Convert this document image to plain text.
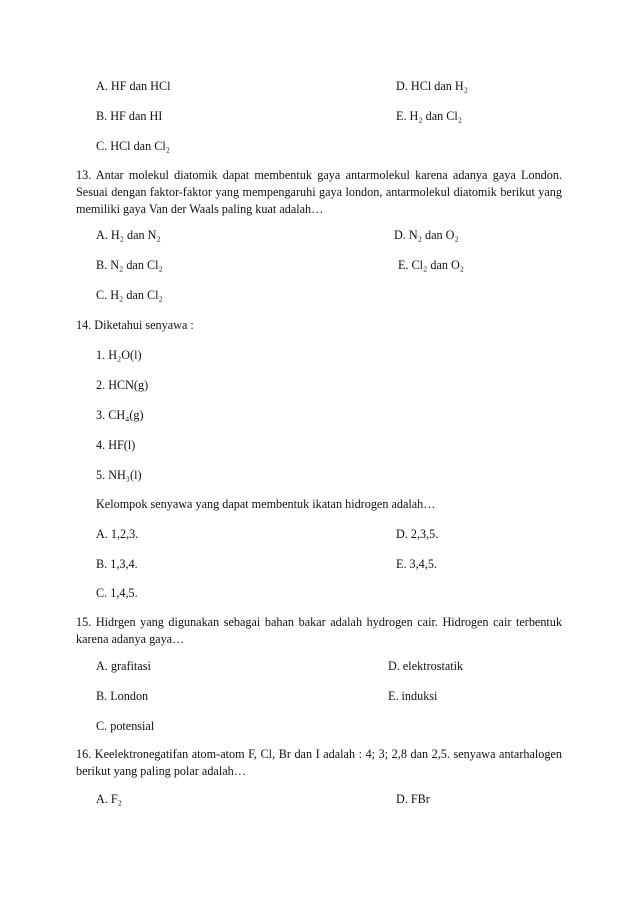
A. HF dan HCl	D. HCl dan H₂
B. HF dan HI	E. H₂ dan Cl₂
C. HCl dan Cl₂
13. Antar molekul diatomik dapat membentuk gaya antarmolekul karena adanya gaya London. Sesuai dengan faktor-faktor yang mempengaruhi gaya london, antarmolekul diatomik berikut yang memiliki gaya Van der Waals paling kuat adalah…
A. H₂ dan N₂	D. N₂ dan O₂
B. N₂ dan Cl₂	E. Cl₂ dan O₂
C. H₂ dan Cl₂
14. Diketahui senyawa :
1. H₂O(l)
2. HCN(g)
3. CH₄(g)
4. HF(l)
5. NH₃(l)
Kelompok senyawa yang dapat membentuk ikatan hidrogen adalah…
A. 1,2,3.	D. 2,3,5.
B. 1,3,4.	E. 3,4,5.
C. 1,4,5.
15. Hidrgen yang digunakan sebagai bahan bakar adalah hydrogen cair. Hidrogen cair terbentuk karena adanya gaya…
A. grafitasi	D. elektrostatik
B. London	E. induksi
C. potensial
16. Keelektronegatifan atom-atom F, Cl, Br dan I adalah : 4; 3; 2,8 dan 2,5. senyawa antarhalogen berikut yang paling polar adalah…
A. F₂	D. FBr
